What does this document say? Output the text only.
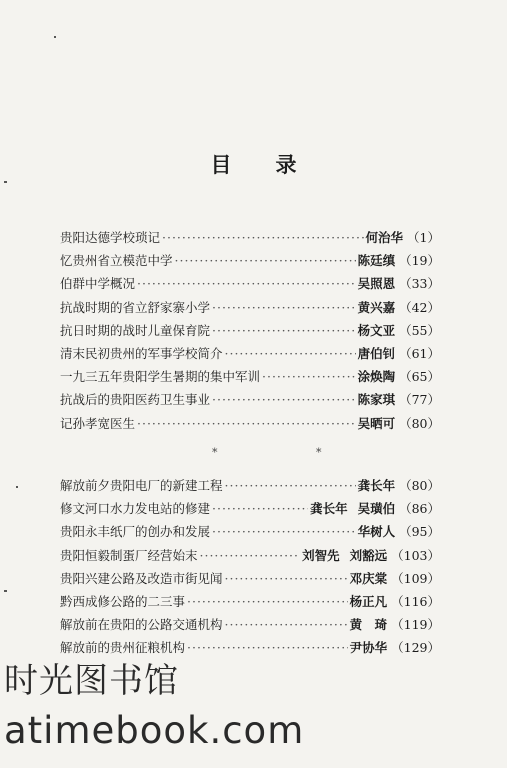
目录
贵阳达德学校琐记 ·····	何治华 （1）
忆贵州省立模范中学 ·····	陈廷缜 （19）
伯群中学概况 ·····	吴照恩 （33）
抗战时期的省立舒家寨小学 ·····	黄兴嘉 （42）
抗日时期的战时儿童保育院 ·····	杨文亚 （55）
清末民初贵州的军事学校简介 ·····	唐伯钊 （61）
一九三五年贵阳学生暑期的集中军训 ·····	涂焕陶 （65）
抗战后的贵阳医药卫生事业 ·····	陈家琪 （77）
记孙孝宽医生 ·····	吴晒可 （80）
*	*
解放前夕贵阳电厂的新建工程 ·····	龚长年 （80）
修文河口水力发电站的修建 ·····	龚长年 吴璜伯 （86）
贵阳永丰纸厂的创办和发展 ·····	华树人 （95）
贵阳恒毅制蛋厂经营始末 ·····	刘智先 刘豁远 （103）
贵阳兴建公路及改造市街见闻 ·····	邓庆棠 （109）
黔西成修公路的二三事 ·····	杨正凡 （116）
解放前在贵阳的公路交通机构 ·····	黄　琦 （119）
解放前的贵州征粮机构 ·····	尹协华 （129）
时光图书馆
atimebook.com
